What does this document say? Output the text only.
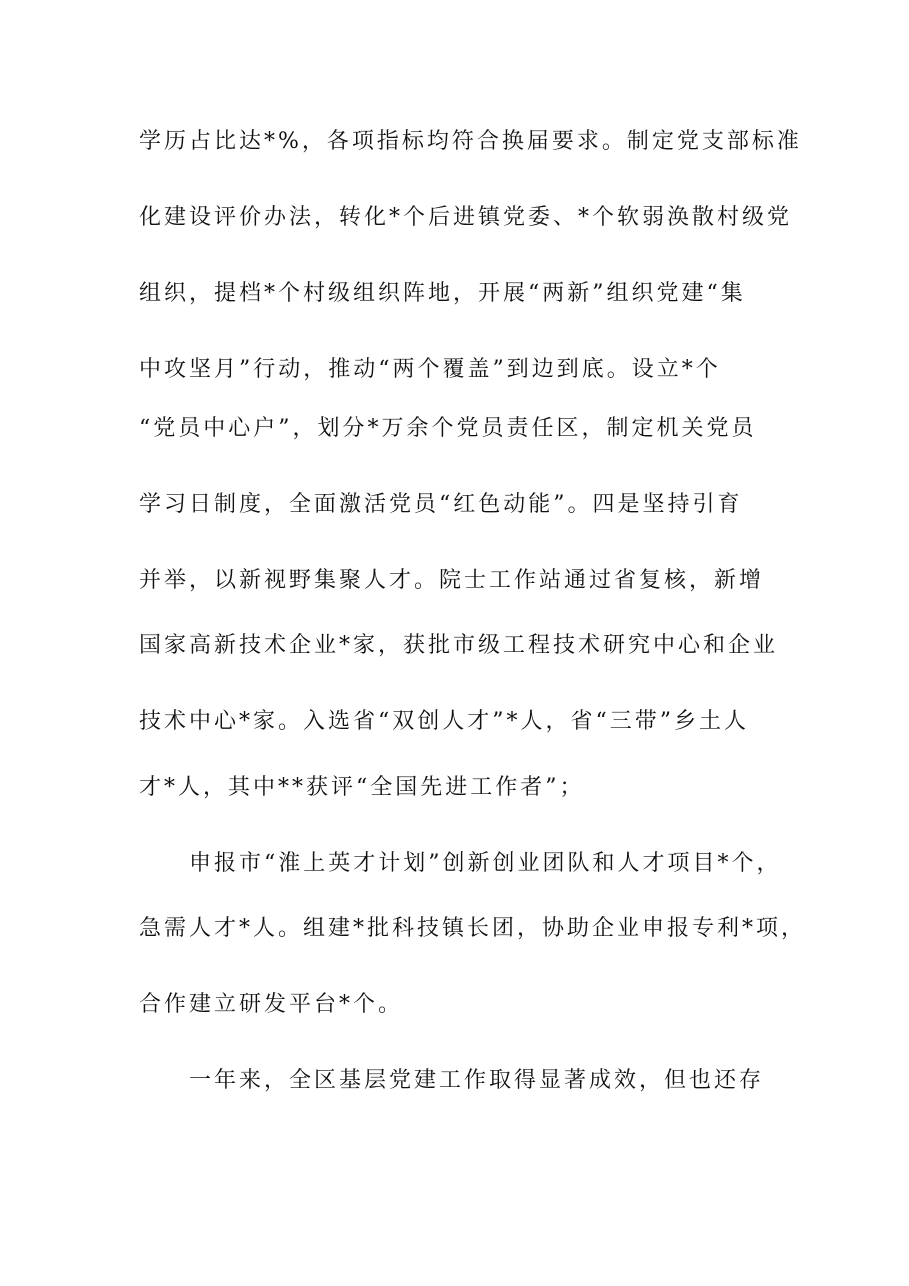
学历占比达*%，各项指标均符合换届要求。制定党支部标准
化建设评价办法，转化*个后进镇党委、*个软弱涣散村级党
组织，提档*个村级组织阵地，开展“两新”组织党建“集
中攻坚月”行动，推动“两个覆盖”到边到底。设立*个
“党员中心户”，划分*万余个党员责任区，制定机关党员
学习日制度，全面激活党员“红色动能”。四是坚持引育
并举，以新视野集聚人才。院士工作站通过省复核，新增
国家高新技术企业*家，获批市级工程技术研究中心和企业
技术中心*家。入选省“双创人才”*人，省“三带”乡土人
才*人，其中**获评“全国先进工作者”；
申报市“淮上英才计划”创新创业团队和人才项目*个，
急需人才*人。组建*批科技镇长团，协助企业申报专利*项，
合作建立研发平台*个。
一年来，全区基层党建工作取得显著成效，但也还存
